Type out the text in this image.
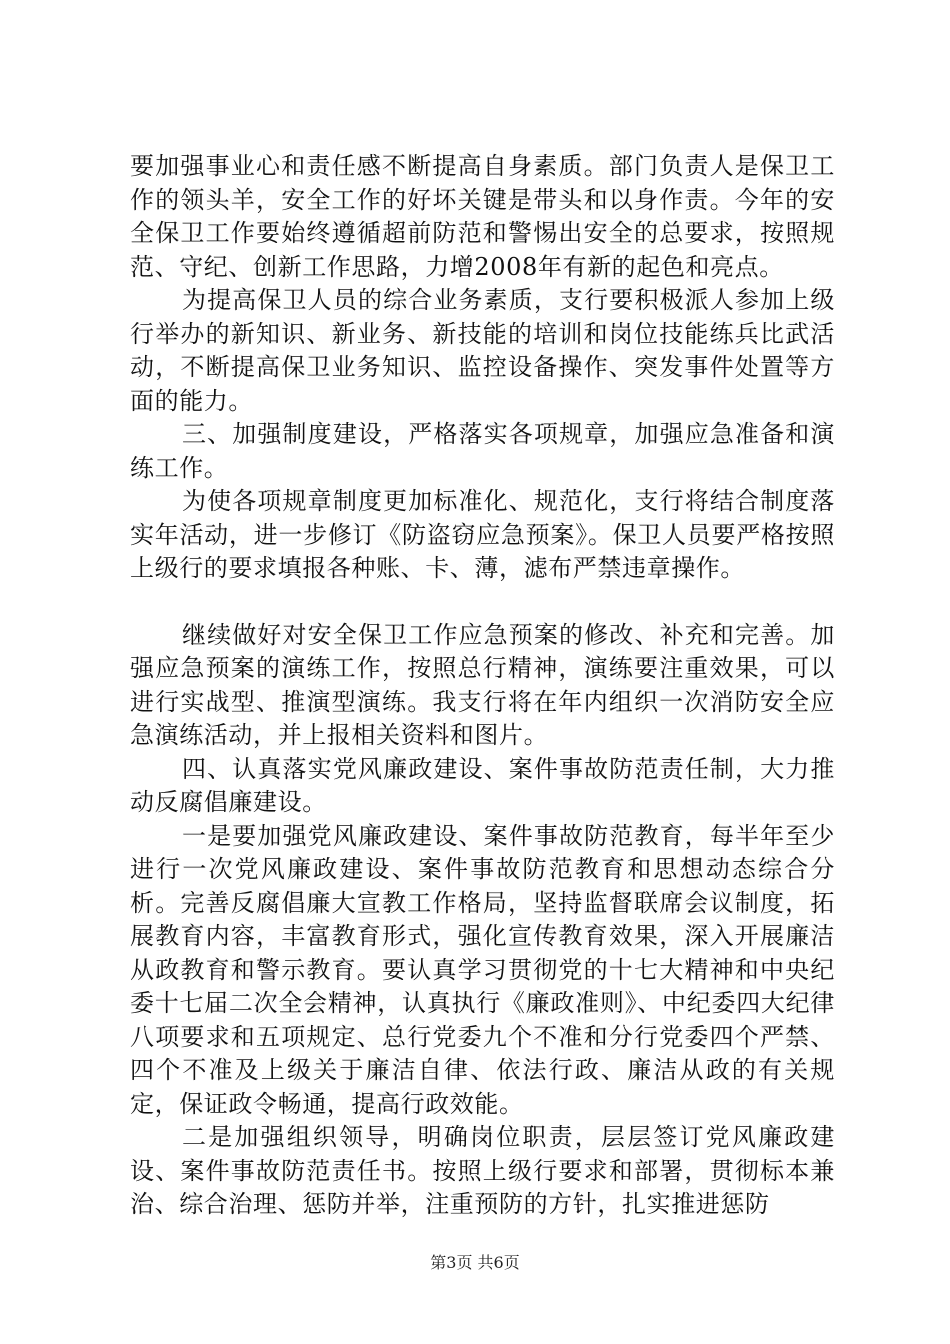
要加强事业心和责任感不断提高自身素质。部门负责人是保卫工作的领头羊，安全工作的好坏关键是带头和以身作责。今年的安全保卫工作要始终遵循超前防范和警惕出安全的总要求，按照规范、守纪、创新工作思路，力增2008年有新的起色和亮点。

为提高保卫人员的综合业务素质，支行要积极派人参加上级行举办的新知识、新业务、新技能的培训和岗位技能练兵比武活动，不断提高保卫业务知识、监控设备操作、突发事件处置等方面的能力。

三、加强制度建设，严格落实各项规章，加强应急准备和演练工作。

为使各项规章制度更加标准化、规范化，支行将结合制度落实年活动，进一步修订《防盗窃应急预案》。保卫人员要严格按照上级行的要求填报各种账、卡、薄，滤布严禁违章操作。

继续做好对安全保卫工作应急预案的修改、补充和完善。加强应急预案的演练工作，按照总行精神，演练要注重效果，可以进行实战型、推演型演练。我支行将在年内组织一次消防安全应急演练活动，并上报相关资料和图片。

四、认真落实党风廉政建设、案件事故防范责任制，大力推动反腐倡廉建设。

一是要加强党风廉政建设、案件事故防范教育，每半年至少进行一次党风廉政建设、案件事故防范教育和思想动态综合分析。完善反腐倡廉大宣教工作格局，坚持监督联席会议制度，拓展教育内容，丰富教育形式，强化宣传教育效果，深入开展廉洁从政教育和警示教育。要认真学习贯彻党的十七大精神和中央纪委十七届二次全会精神，认真执行《廉政准则》、中纪委四大纪律八项要求和五项规定、总行党委九个不准和分行党委四个严禁、四个不准及上级关于廉洁自律、依法行政、廉洁从政的有关规定，保证政令畅通，提高行政效能。

二是加强组织领导，明确岗位职责，层层签订党风廉政建设、案件事故防范责任书。按照上级行要求和部署，贯彻标本兼治、综合治理、惩防并举，注重预防的方针，扎实推进惩防

第3页 共6页
